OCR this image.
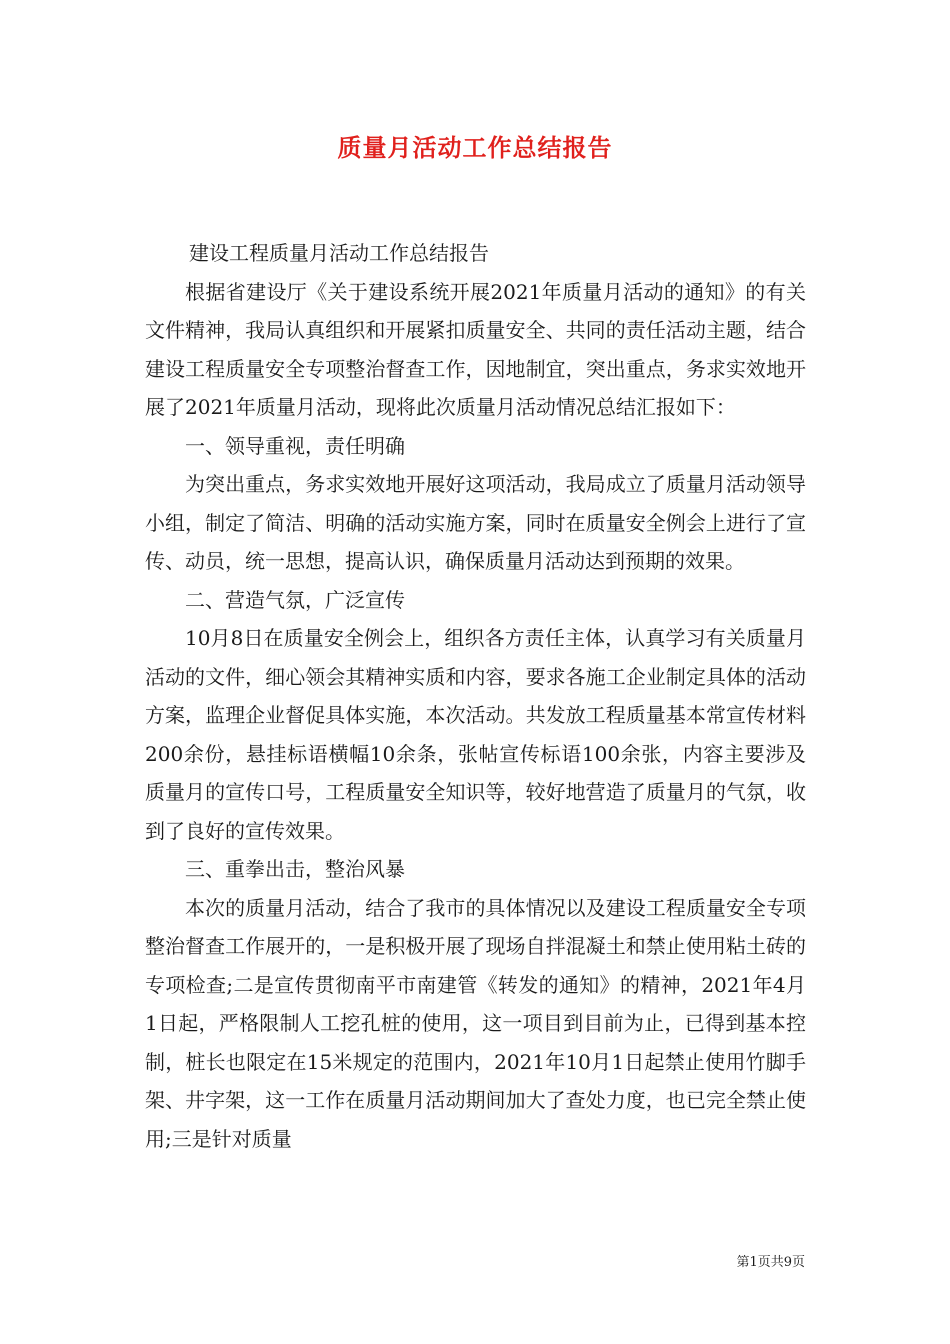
质量月活动工作总结报告

建设工程质量月活动工作总结报告

根据省建设厅《关于建设系统开展2021年质量月活动的通知》的有关文件精神，我局认真组织和开展紧扣质量安全、共同的责任活动主题，结合建设工程质量安全专项整治督查工作，因地制宜，突出重点，务求实效地开展了2021年质量月活动，现将此次质量月活动情况总结汇报如下：

一、领导重视，责任明确

为突出重点，务求实效地开展好这项活动，我局成立了质量月活动领导小组，制定了简洁、明确的活动实施方案，同时在质量安全例会上进行了宣传、动员，统一思想，提高认识，确保质量月活动达到预期的效果。

二、营造气氛，广泛宣传

10月8日在质量安全例会上，组织各方责任主体，认真学习有关质量月活动的文件，细心领会其精神实质和内容，要求各施工企业制定具体的活动方案，监理企业督促具体实施，本次活动。共发放工程质量基本常宣传材料200余份，悬挂标语横幅10余条，张帖宣传标语100余张，内容主要涉及质量月的宣传口号，工程质量安全知识等，较好地营造了质量月的气氛，收到了良好的宣传效果。

三、重拳出击，整治风暴

本次的质量月活动，结合了我市的具体情况以及建设工程质量安全专项整治督查工作展开的，一是积极开展了现场自拌混凝土和禁止使用粘土砖的专项检查;二是宣传贯彻南平市南建管《转发的通知》的精神，2021年4月1日起，严格限制人工挖孔桩的使用，这一项目到目前为止，已得到基本控制，桩长也限定在15米规定的范围内，2021年10月1日起禁止使用竹脚手架、井字架，这一工作在质量月活动期间加大了查处力度，也已完全禁止使用;三是针对质量

第1页共9页
